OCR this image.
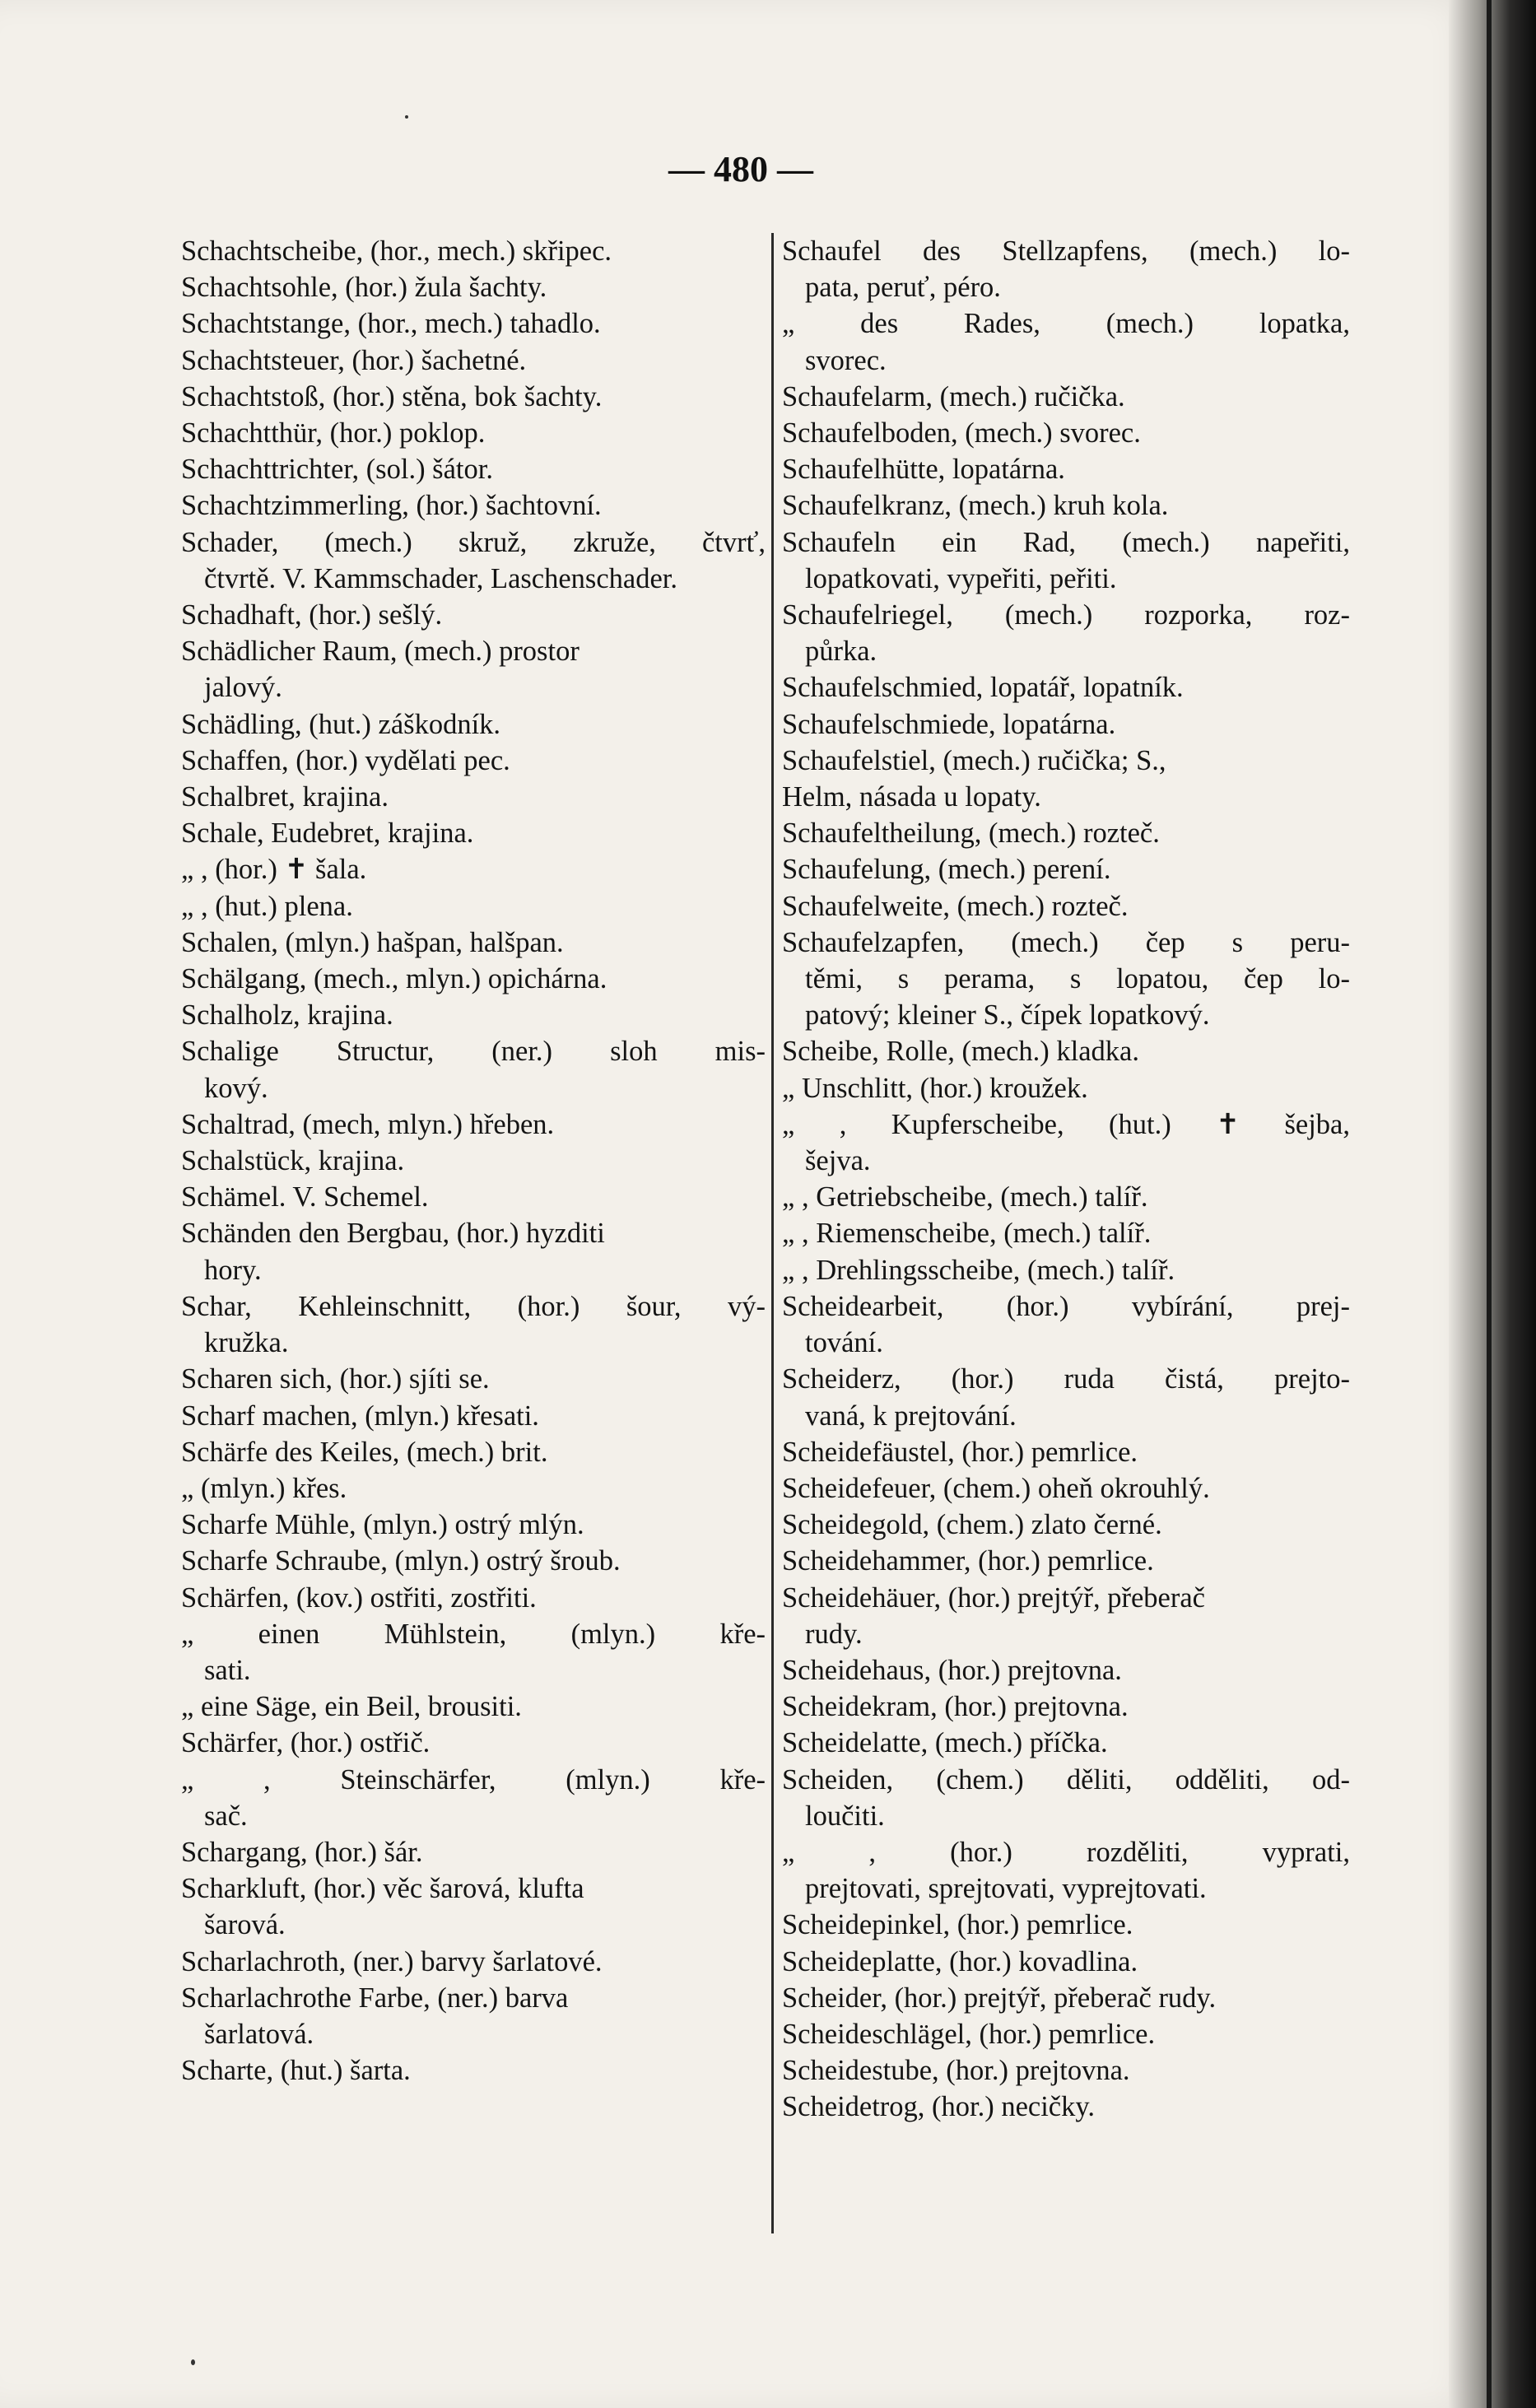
— 480 —
Schachtscheibe, (hor., mech.) skřipec.
Schachtsohle, (hor.) žula šachty.
Schachtstange, (hor., mech.) tahadlo.
Schachtsteuer, (hor.) šachetné.
Schachtstoß, (hor.) stěna, bok šachty.
Schachtthür, (hor.) poklop.
Schachttrichter, (sol.) šátor.
Schachtzimmerling, (hor.) šachtovní.
Schader, (mech.) skruž, zkruže, čtvrť,
čtvrtě. V. Kammschader, Laschenschader.
Schadhaft, (hor.) sešlý.
Schädlicher Raum, (mech.) prostor
jalový.
Schädling, (hut.) záškodník.
Schaffen, (hor.) vydělati pec.
Schalbret, krajina.
Schale, Eudebret, krajina.
„ , (hor.) ✝ šala.
„ , (hut.) plena.
Schalen, (mlyn.) hašpan, halšpan.
Schälgang, (mech., mlyn.) opichárna.
Schalholz, krajina.
Schalige Structur, (ner.) sloh mis-
kový.
Schaltrad, (mech, mlyn.) hřeben.
Schalstück, krajina.
Schämel. V. Schemel.
Schänden den Bergbau, (hor.) hyzditi
hory.
Schar, Kehleinschnitt, (hor.) šour, vý-
kružka.
Scharen sich, (hor.) sjíti se.
Scharf machen, (mlyn.) křesati.
Schärfe des Keiles, (mech.) brit.
„ (mlyn.) křes.
Scharfe Mühle, (mlyn.) ostrý mlýn.
Scharfe Schraube, (mlyn.) ostrý šroub.
Schärfen, (kov.) ostřiti, zostřiti.
„ einen Mühlstein, (mlyn.) kře-
sati.
„ eine Säge, ein Beil, brousiti.
Schärfer, (hor.) ostřič.
„ , Steinschärfer, (mlyn.) kře-
sač.
Schargang, (hor.) šár.
Scharkluft, (hor.) věc šarová, klufta
šarová.
Scharlachroth, (ner.) barvy šarlatové.
Scharlachrothe Farbe, (ner.) barva
šarlatová.
Scharte, (hut.) šarta.
Schaufel des Stellzapfens, (mech.) lo-
pata, peruť, péro.
„ des Rades, (mech.) lopatka,
svorec.
Schaufelarm, (mech.) ručička.
Schaufelboden, (mech.) svorec.
Schaufelhütte, lopatárna.
Schaufelkranz, (mech.) kruh kola.
Schaufeln ein Rad, (mech.) napeřiti,
lopatkovati, vypeřiti, peřiti.
Schaufelriegel, (mech.) rozporka, roz-
půrka.
Schaufelschmied, lopatář, lopatník.
Schaufelschmiede, lopatárna.
Schaufelstiel, (mech.) ručička; S.,
Helm, násada u lopaty.
Schaufeltheilung, (mech.) rozteč.
Schaufelung, (mech.) perení.
Schaufelweite, (mech.) rozteč.
Schaufelzapfen, (mech.) čep s peru-
těmi, s perama, s lopatou, čep lo-
patový; kleiner S., čípek lopatkový.
Scheibe, Rolle, (mech.) kladka.
„ Unschlitt, (hor.) kroužek.
„ , Kupferscheibe, (hut.) ✝ šejba,
šejva.
„ , Getriebscheibe, (mech.) talíř.
„ , Riemenscheibe, (mech.) talíř.
„ , Drehlingsscheibe, (mech.) talíř.
Scheidearbeit, (hor.) vybírání, prej-
tování.
Scheiderz, (hor.) ruda čistá, prejto-
vaná, k prejtování.
Scheidefäustel, (hor.) pemrlice.
Scheidefeuer, (chem.) oheň okrouhlý.
Scheidegold, (chem.) zlato černé.
Scheidehammer, (hor.) pemrlice.
Scheidehäuer, (hor.) prejtýř, přeberač
rudy.
Scheidehaus, (hor.) prejtovna.
Scheidekram, (hor.) prejtovna.
Scheidelatte, (mech.) příčka.
Scheiden, (chem.) děliti, odděliti, od-
loučiti.
„ , (hor.) rozděliti, vyprati,
prejtovati, sprejtovati, vyprejtovati.
Scheidepinkel, (hor.) pemrlice.
Scheideplatte, (hor.) kovadlina.
Scheider, (hor.) prejtýř, přeberač rudy.
Scheideschlägel, (hor.) pemrlice.
Scheidestube, (hor.) prejtovna.
Scheidetrog, (hor.) necičky.
